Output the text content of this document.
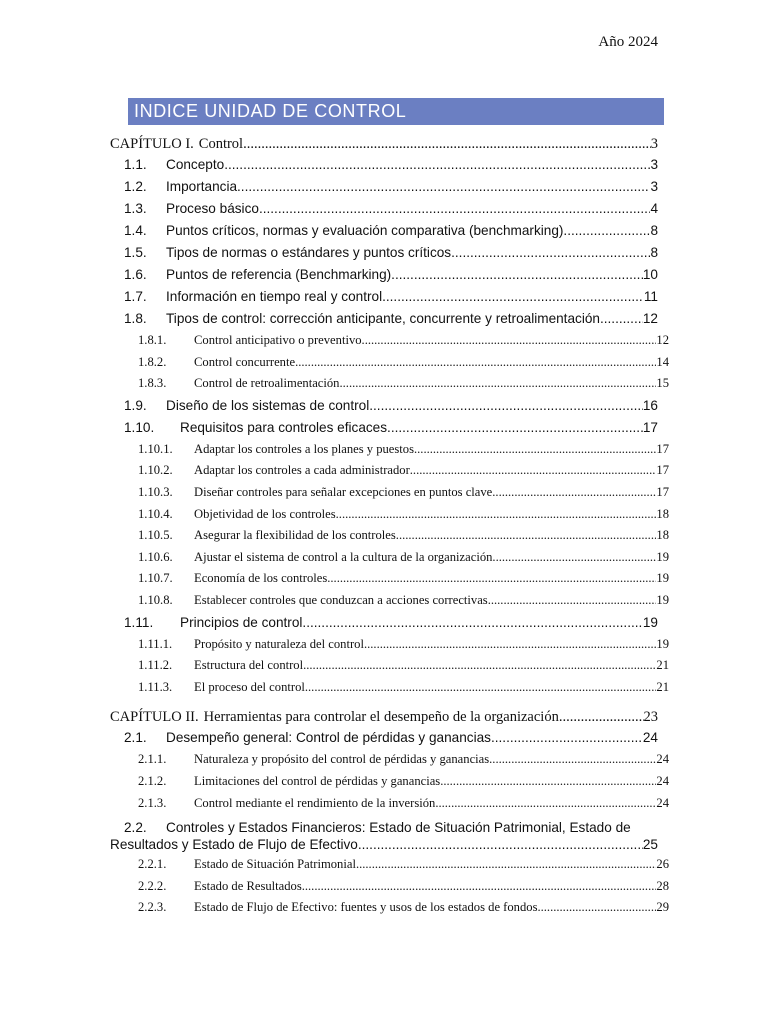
Año 2024
INDICE UNIDAD DE CONTROL
CAPÍTULO I. Control .....	3
1.1.	Concepto .....	3
1.2.	Importancia .....	3
1.3.	Proceso básico. .....	4
1.4.	Puntos críticos, normas y evaluación comparativa (benchmarking) .....	8
1.5.	Tipos de normas o estándares y puntos críticos. .....	8
1.6.	Puntos de referencia (Benchmarking). .....	10
1.7.	Información en tiempo real y control. .....	11
1.8.	Tipos de control: corrección anticipante, concurrente y retroalimentación. .....	12
1.8.1.	Control anticipativo o preventivo. .....	12
1.8.2.	Control concurrente. .....	14
1.8.3.	Control de retroalimentación. .....	15
1.9.	Diseño de los sistemas de control. .....	16
1.10.	Requisitos para controles eficaces. .....	17
1.10.1.	Adaptar los controles a los planes y puestos .....	17
1.10.2.	Adaptar los controles a cada administrador .....	17
1.10.3.	Diseñar controles para señalar excepciones en puntos clave .....	17
1.10.4.	Objetividad de los controles .....	18
1.10.5.	Asegurar la flexibilidad de los controles .....	18
1.10.6.	Ajustar el sistema de control a la cultura de la organización .....	19
1.10.7.	Economía de los controles .....	19
1.10.8.	Establecer controles que conduzcan a acciones correctivas .....	19
1.11.	Principios de control. .....	19
1.11.1.	Propósito y naturaleza del control .....	19
1.11.2.	Estructura del control .....	21
1.11.3.	El proceso del control .....	21
CAPÍTULO II. Herramientas para controlar el desempeño de la organización. .....	23
2.1.	Desempeño general: Control de pérdidas y ganancias. .....	24
2.1.1.	Naturaleza y propósito del control de pérdidas y ganancias .....	24
2.1.2.	Limitaciones del control de pérdidas y ganancias. .....	24
2.1.3.	Control mediante el rendimiento de la inversión .....	24
2.2. Controles y Estados Financieros: Estado de Situación Patrimonial, Estado de
Resultados y Estado de Flujo de Efectivo. .....	25
2.2.1.	Estado de Situación Patrimonial .....	26
2.2.2.	Estado de Resultados .....	28
2.2.3.	Estado de Flujo de Efectivo: fuentes y usos de los estados de fondos. .....	29
